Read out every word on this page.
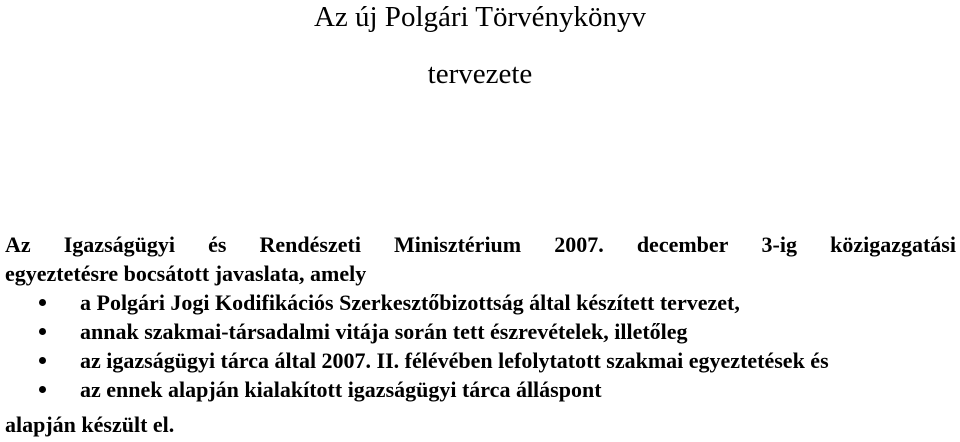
Az új Polgári Törvénykönyv
tervezete
Az Igazságügyi és Rendészeti Minisztérium 2007. december 3-ig közigazgatási
egyeztetésre bocsátott javaslata, amely
a Polgári Jogi Kodifikációs Szerkesztőbizottság által készített tervezet,
annak szakmai-társadalmi vitája során tett észrevételek, illetőleg
az igazságügyi tárca által 2007. II. félévében lefolytatott szakmai egyeztetések és
az ennek alapján kialakított igazságügyi tárca álláspont

alapján készült el.
